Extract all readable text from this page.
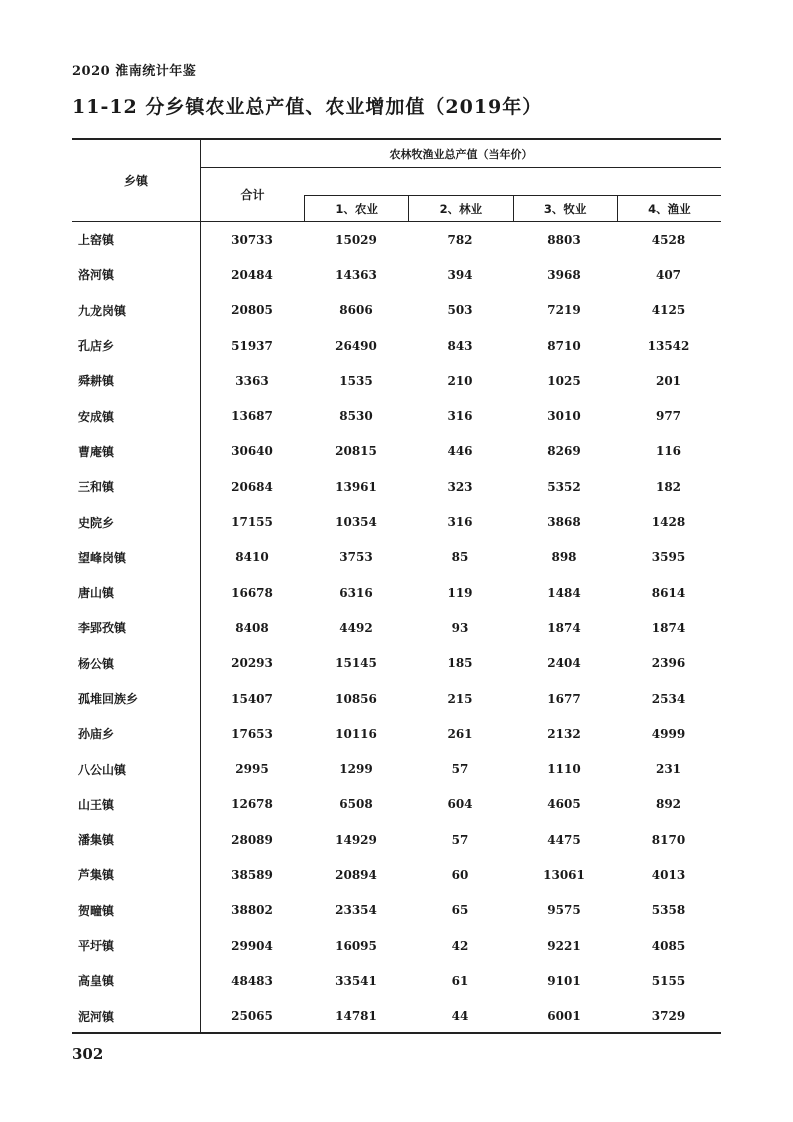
2020 淮南统计年鉴
11-12 分乡镇农业总产值、农业增加值（2019年）
乡镇
农林牧渔业总产值（当年价）
合计
1、农业	2、林业	3、牧业	4、渔业
上窑镇	30733	15029	782	8803	4528
洛河镇	20484	14363	394	3968	407
九龙岗镇	20805	8606	503	7219	4125
孔店乡	51937	26490	843	8710	13542
舜耕镇	3363	1535	210	1025	201
安成镇	13687	8530	316	3010	977
曹庵镇	30640	20815	446	8269	116
三和镇	20684	13961	323	5352	182
史院乡	17155	10354	316	3868	1428
望峰岗镇	8410	3753	85	898	3595
唐山镇	16678	6316	119	1484	8614
李郢孜镇	8408	4492	93	1874	1874
杨公镇	20293	15145	185	2404	2396
孤堆回族乡	15407	10856	215	1677	2534
孙庙乡	17653	10116	261	2132	4999
八公山镇	2995	1299	57	1110	231
山王镇	12678	6508	604	4605	892
潘集镇	28089	14929	57	4475	8170
芦集镇	38589	20894	60	13061	4013
贺疃镇	38802	23354	65	9575	5358
平圩镇	29904	16095	42	9221	4085
高皇镇	48483	33541	61	9101	5155
泥河镇	25065	14781	44	6001	3729
302
